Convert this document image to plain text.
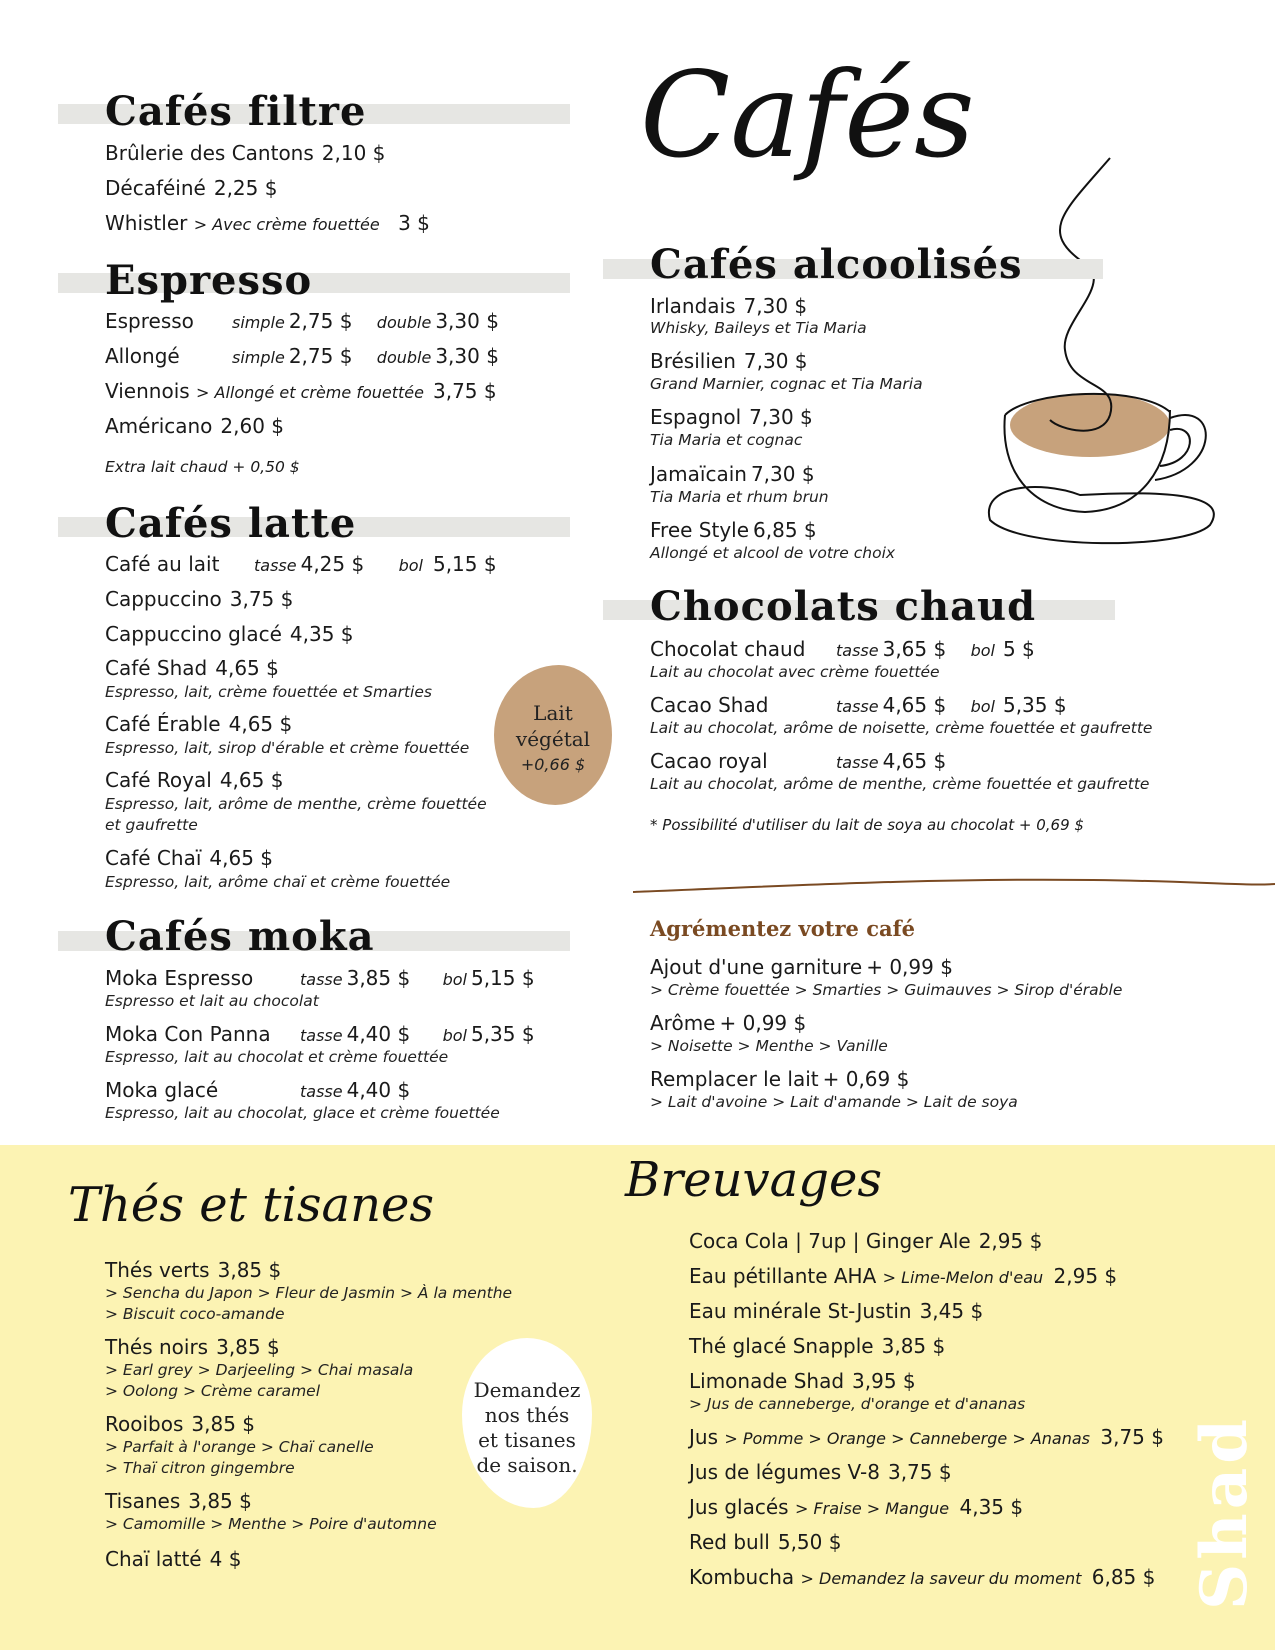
Cafés
Cafés filtre
Brûlerie des Cantons 2,10 $
Décaféiné 2,25 $
Whistler > Avec crème fouettée 3 $
Espresso
Espresso simple 2,75 $ double 3,30 $
Allongé	simple 2,75 $ double 3,30 $
Viennois > Allongé et crème fouettée 3,75 $
Américano 2,60 $
Extra lait chaud + 0,50 $
Cafés latte
Café au lait tasse 4,25 $ bol 5,15 $
Cappuccino 3,75 $
Cappuccino glacé 4,35 $
Café Shad 4,65 $
Espresso, lait, crème fouettée et Smarties
Café Érable 4,65 $
Espresso, lait, sirop d'érable et crème fouettée
Café Royal 4,65 $
Espresso, lait, arôme de menthe, crème fouettée
et gaufrette
Café Chaï 4,65 $
Espresso, lait, arôme chaï et crème fouettée
Lait
végétal
+0,66 $
Cafés moka
Moka Espresso	tasse 3,85 $ bol 5,15 $
Espresso et lait au chocolat
Moka Con Panna tasse 4,40 $ bol 5,35 $
Espresso, lait au chocolat et crème fouettée
Moka glacé	tasse 4,40 $
Espresso, lait au chocolat, glace et crème fouettée
Cafés alcoolisés
Irlandais 7,30 $
Whisky, Baileys et Tia Maria
Brésilien 7,30 $
Grand Marnier, cognac et Tia Maria
Espagnol 7,30 $
Tia Maria et cognac
Jamaïcain 7,30 $
Tia Maria et rhum brun
Free Style 6,85 $
Allongé et alcool de votre choix
Chocolats chaud
Chocolat chaud tasse 3,65 $ bol 5 $
Lait au chocolat avec crème fouettée
Cacao Shad	tasse 4,65 $ bol 5,35 $
Lait au chocolat, arôme de noisette, crème fouettée et gaufrette
Cacao royal	tasse 4,65 $
Lait au chocolat, arôme de menthe, crème fouettée et gaufrette
* Possibilité d'utiliser du lait de soya au chocolat + 0,69 $
Agrémentez votre café
Ajout d'une garniture + 0,99 $
> Crème fouettée > Smarties > Guimauves > Sirop d'érable
Arôme + 0,99 $
> Noisette > Menthe > Vanille
Remplacer le lait + 0,69 $
> Lait d'avoine > Lait d'amande > Lait de soya
Thés et tisanes
Thés verts 3,85 $
> Sencha du Japon > Fleur de Jasmin > À la menthe
> Biscuit coco-amande
Thés noirs 3,85 $
> Earl grey > Darjeeling > Chai masala
> Oolong > Crème caramel
Rooibos 3,85 $
> Parfait à l'orange > Chaï canelle
> Thaï citron gingembre
Tisanes 3,85 $
> Camomille > Menthe > Poire d'automne
Chaï latté 4 $
Demandez
nos thés
et tisanes
de saison.
Breuvages
Coca Cola | 7up | Ginger Ale 2,95 $
Eau pétillante AHA > Lime-Melon d'eau 2,95 $
Eau minérale St-Justin 3,45 $
Thé glacé Snapple 3,85 $
Limonade Shad 3,95 $
> Jus de canneberge, d'orange et d'ananas
Jus > Pomme > Orange > Canneberge > Ananas 3,75 $
Jus de légumes V-8 3,75 $
Jus glacés > Fraise > Mangue 4,35 $
Red bull 5,50 $
Kombucha > Demandez la saveur du moment 6,85 $ Shad
